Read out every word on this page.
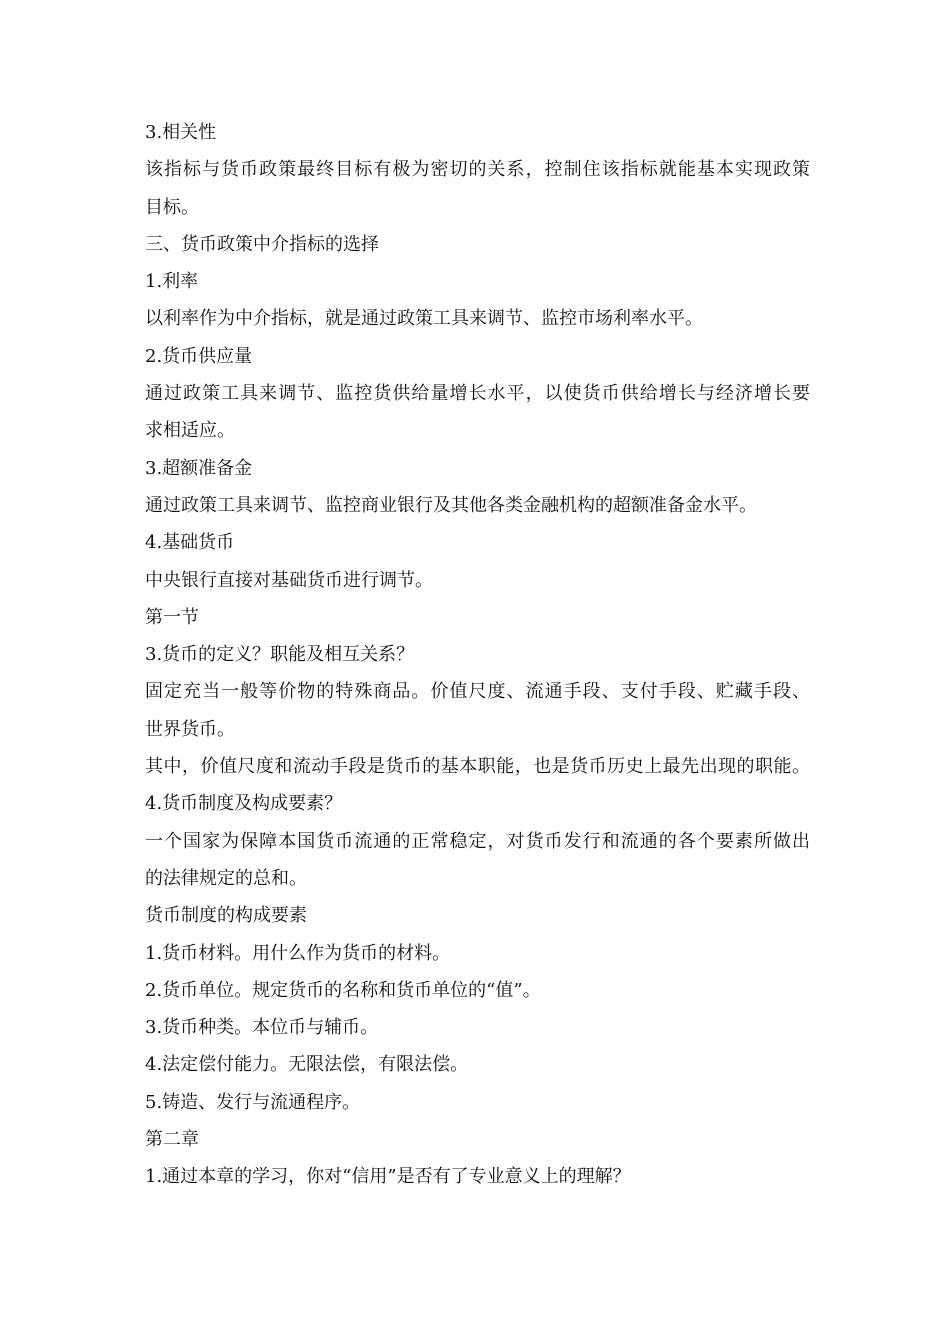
3.相关性
该指标与货币政策最终目标有极为密切的关系，控制住该指标就能基本实现政策
目标。
三、货币政策中介指标的选择
1.利率
以利率作为中介指标，就是通过政策工具来调节、监控市场利率水平。
2.货币供应量
通过政策工具来调节、监控货供给量增长水平，以使货币供给增长与经济增长要
求相适应。
3.超额准备金
通过政策工具来调节、监控商业银行及其他各类金融机构的超额准备金水平。
4.基础货币
中央银行直接对基础货币进行调节。
第一节
3.货币的定义？职能及相互关系？
固定充当一般等价物的特殊商品。价值尺度、流通手段、支付手段、贮藏手段、
世界货币。
其中，价值尺度和流动手段是货币的基本职能，也是货币历史上最先出现的职能。
4.货币制度及构成要素？
一个国家为保障本国货币流通的正常稳定，对货币发行和流通的各个要素所做出
的法律规定的总和。
货币制度的构成要素
1.货币材料。用什么作为货币的材料。
2.货币单位。规定货币的名称和货币单位的“值”。
3.货币种类。本位币与辅币。
4.法定偿付能力。无限法偿，有限法偿。
5.铸造、发行与流通程序。
第二章
1.通过本章的学习，你对“信用”是否有了专业意义上的理解？
